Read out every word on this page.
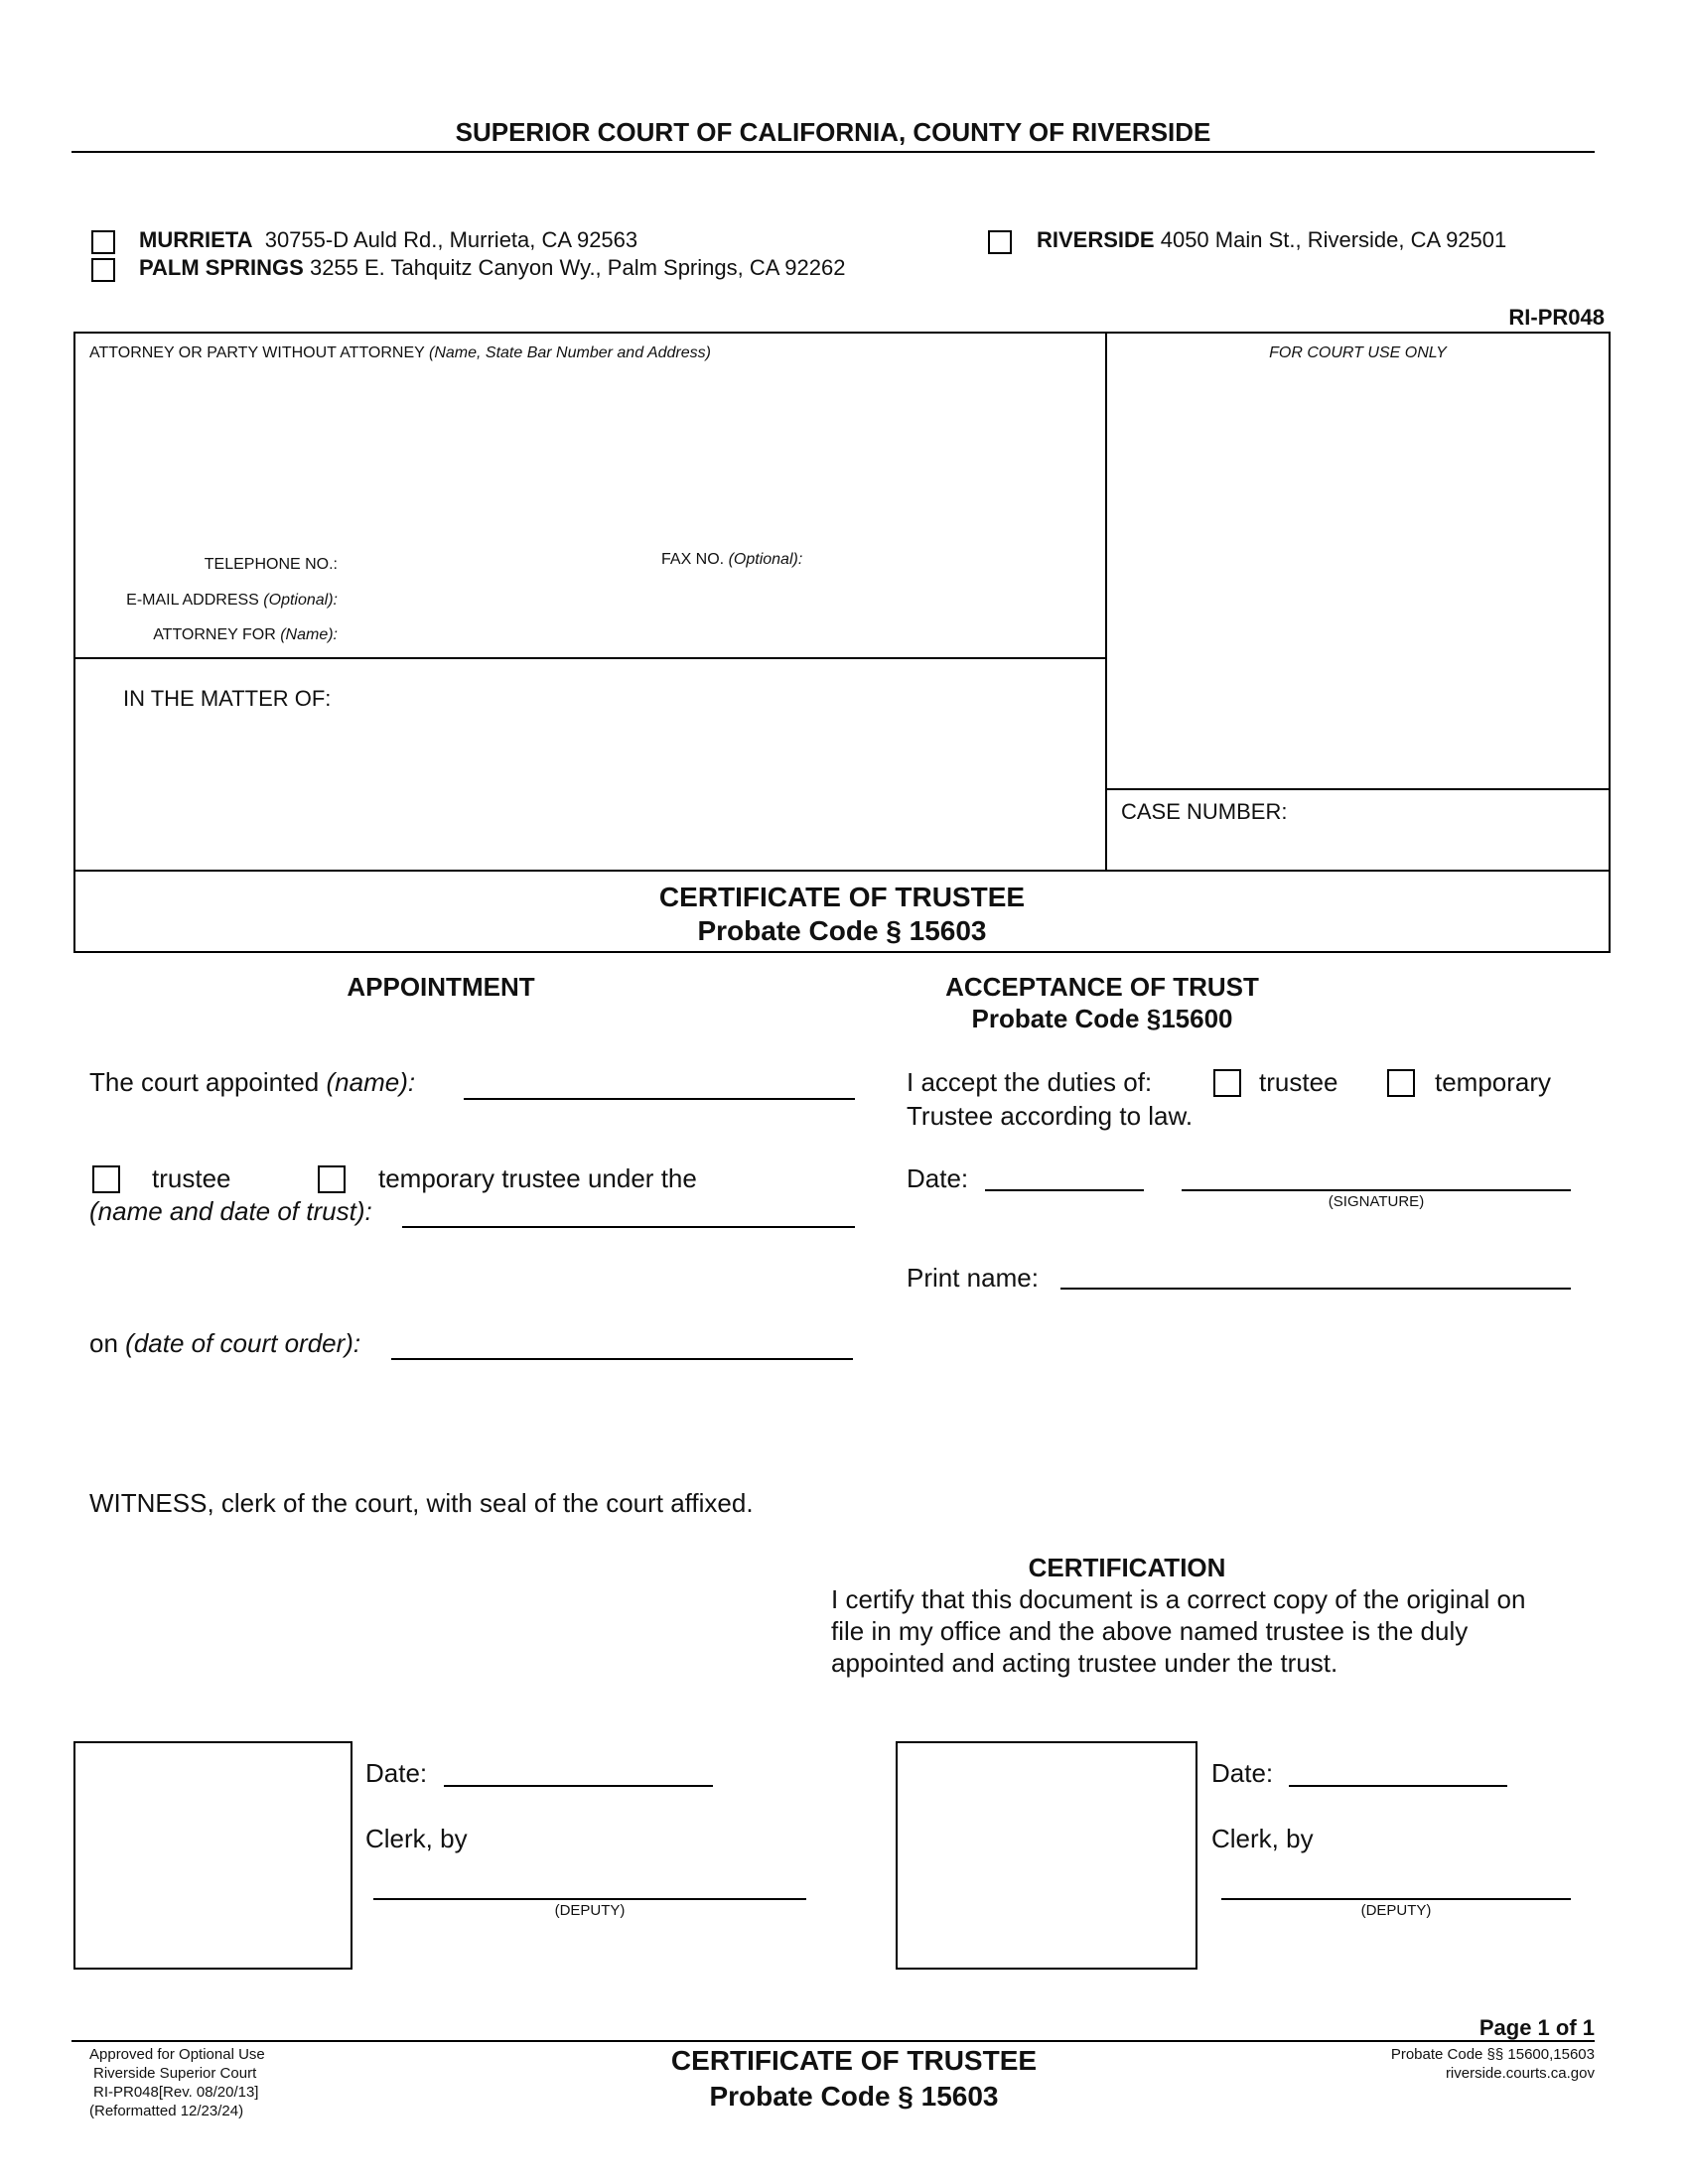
SUPERIOR COURT OF CALIFORNIA, COUNTY OF RIVERSIDE
MURRIETA 30755-D Auld Rd., Murrieta, CA 92563
PALM SPRINGS 3255 E. Tahquitz Canyon Wy., Palm Springs, CA 92262
RIVERSIDE 4050 Main St., Riverside, CA 92501
RI-PR048
ATTORNEY OR PARTY WITHOUT ATTORNEY (Name, State Bar Number and Address)	FOR COURT USE ONLY
TELEPHONE NO.:	FAX NO. (Optional):
E-MAIL ADDRESS (Optional):
ATTORNEY FOR (Name):
IN THE MATTER OF:
CASE NUMBER:
CERTIFICATE OF TRUSTEE
Probate Code § 15603
APPOINTMENT
The court appointed (name):
trustee	temporary trustee under the
(name and date of trust):
on (date of court order):
ACCEPTANCE OF TRUST
Probate Code §15600
I accept the duties of:	trustee	temporary
Trustee according to law.
Date:
(SIGNATURE)
Print name:
WITNESS, clerk of the court, with seal of the court affixed.
CERTIFICATION
I certify that this document is a correct copy of the original on
file in my office and the above named trustee is the duly
appointed and acting trustee under the trust.
Date:
Clerk, by
(DEPUTY)
Date:
Clerk, by
(DEPUTY)
Page 1 of 1
Approved for Optional Use
Riverside Superior Court
RI-PR048[Rev. 08/20/13]
(Reformatted 12/23/24)
CERTIFICATE OF TRUSTEE
Probate Code § 15603
Probate Code §§ 15600,15603
riverside.courts.ca.gov
